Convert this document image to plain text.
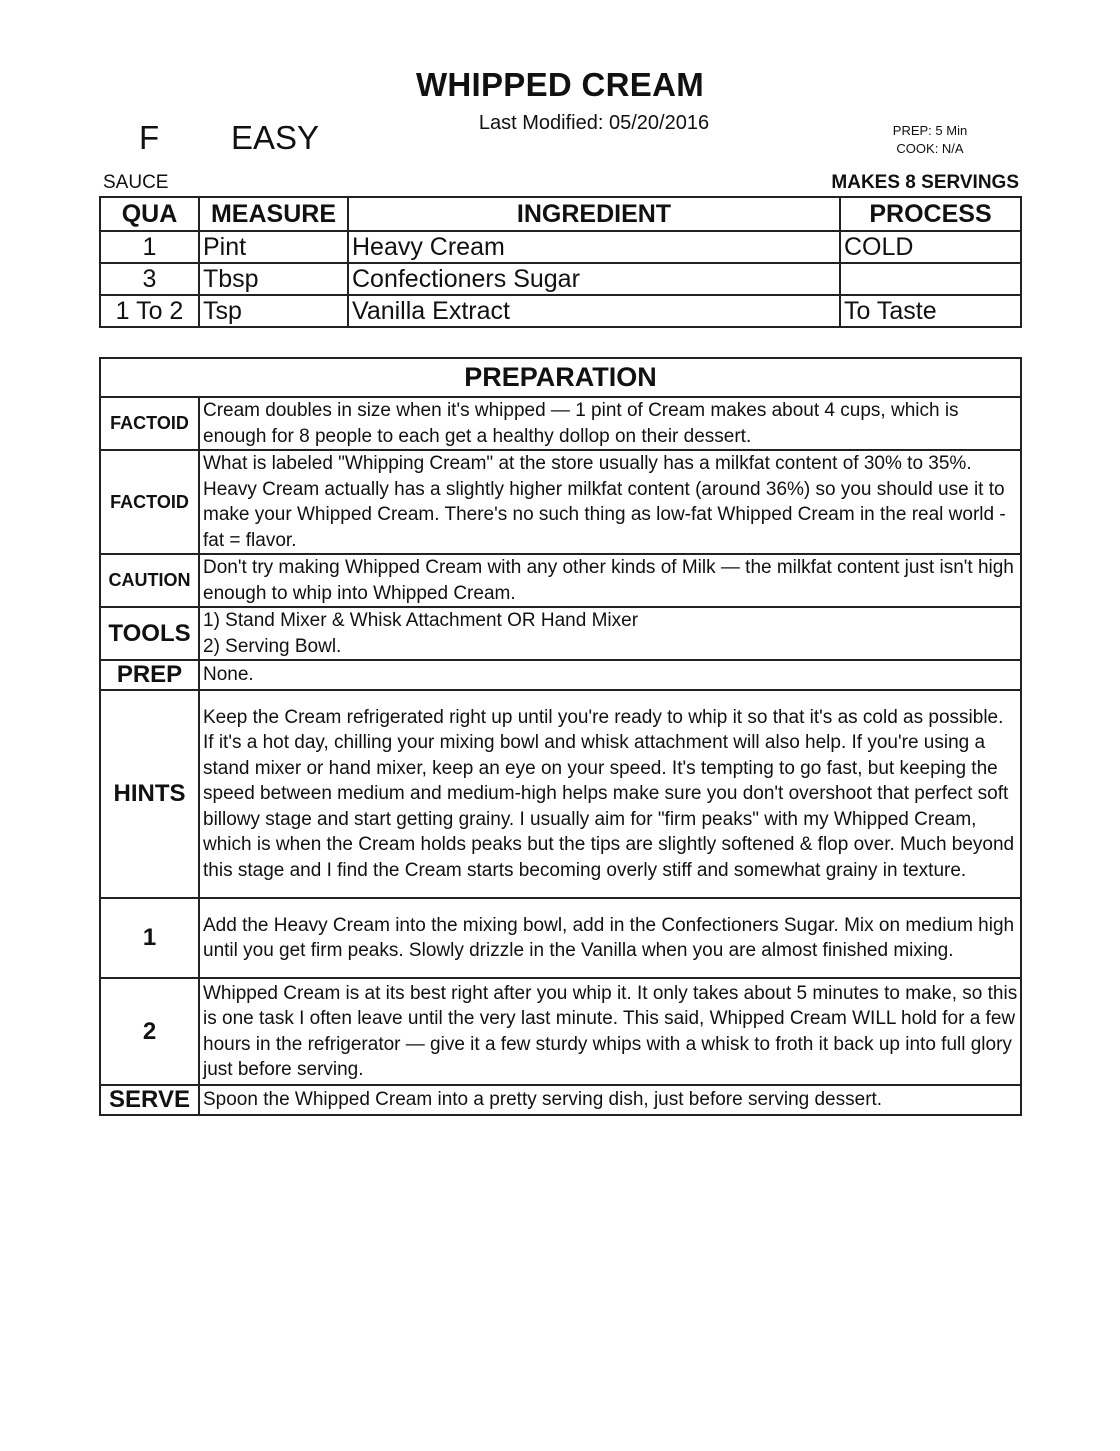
WHIPPED CREAM
Last Modified: 05/20/2016
F EASY	PREP: 5 Min
COOK: N/A
SAUCE	MAKES 8 SERVINGS
QUA	MEASURE	INGREDIENT	PROCESS
1	Pint	Heavy Cream	COLD
3	Tbsp	Confectioners Sugar	
1 To 2	Tsp	Vanilla Extract	To Taste
PREPARATION	
FACTOID	Cream doubles in size when it's whipped — 1 pint of Cream makes about 4 cups, which is enough for 8 people to each get a healthy dollop on their dessert.
FACTOID	What is labeled "Whipping Cream" at the store usually has a milkfat content of 30% to 35%. Heavy Cream actually has a slightly higher milkfat content (around 36%) so you should use it to make your Whipped Cream. There's no such thing as low-fat Whipped Cream in the real world - fat = flavor.
CAUTION	Don't try making Whipped Cream with any other kinds of Milk — the milkfat content just isn't high enough to whip into Whipped Cream.
TOOLS	1) Stand Mixer & Whisk Attachment OR Hand Mixer
2) Serving Bowl.

PREP	None.
HINTS	Keep the Cream refrigerated right up until you're ready to whip it so that it's as cold as possible. If it's a hot day, chilling your mixing bowl and whisk attachment will also help. If you're using a stand mixer or hand mixer, keep an eye on your speed. It's tempting to go fast, but keeping the speed between medium and medium-high helps make sure you don't overshoot that perfect soft billowy stage and start getting grainy. I usually aim for "firm peaks" with my Whipped Cream, which is when the Cream holds peaks but the tips are slightly softened & flop over. Much beyond this stage and I find the Cream starts becoming overly stiff and somewhat grainy in texture.
1	Add the Heavy Cream into the mixing bowl, add in the Confectioners Sugar. Mix on medium high until you get firm peaks. Slowly drizzle in the Vanilla when you are almost finished mixing.
2	Whipped Cream is at its best right after you whip it. It only takes about 5 minutes to make, so this is one task I often leave until the very last minute. This said, Whipped Cream WILL hold for a few hours in the refrigerator — give it a few sturdy whips with a whisk to froth it back up into full glory just before serving.
SERVE	Spoon the Whipped Cream into a pretty serving dish, just before serving dessert.
